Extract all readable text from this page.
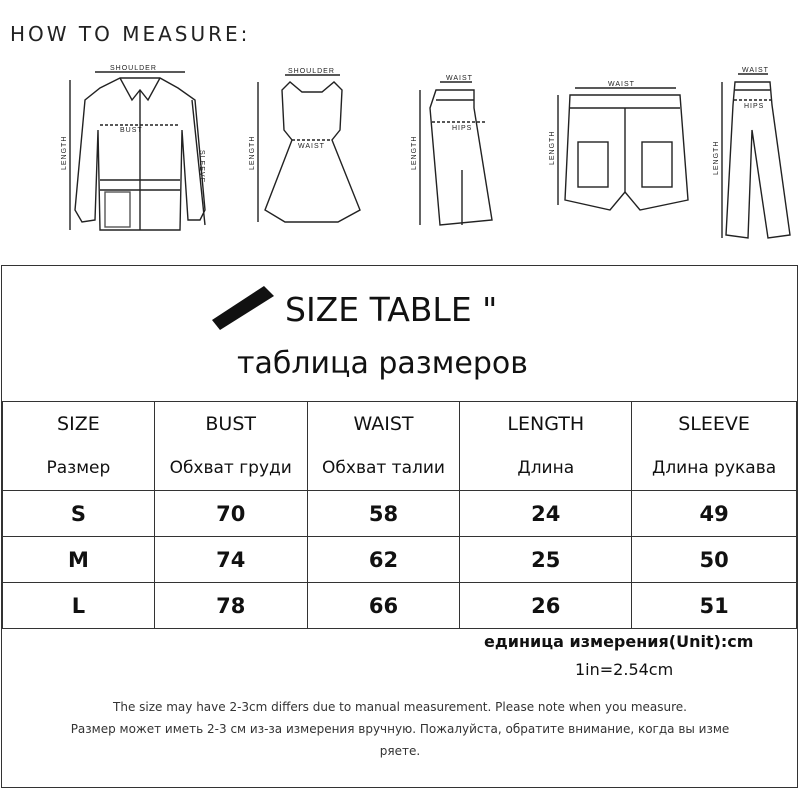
HOW TO MEASURE:
SHOULDER
BUST
LENGTH	SLEEVE
SHOULDER
WAIST
LENGTH
WAIST
HIPS
LENGTH
WAIST
LENGTH
WAIST
HIPS
LENGTH
SIZE TABLE "
таблица размеров
SIZE	BUST	WAIST	LENGTH	SLEEVE
Размер	Обхват груди	Обхват талии	Длина	Длина рукава
S	70	58	24	49
M	74	62	25	50
L	78	66	26	51
единица измерения(Unit):cm
1in=2.54cm
The size may have 2-3cm differs due to manual measurement. Please note when you measure.
Размер может иметь 2-3 см из-за измерения вручную. Пожалуйста, обратите внимание, когда вы изме
ряете.
